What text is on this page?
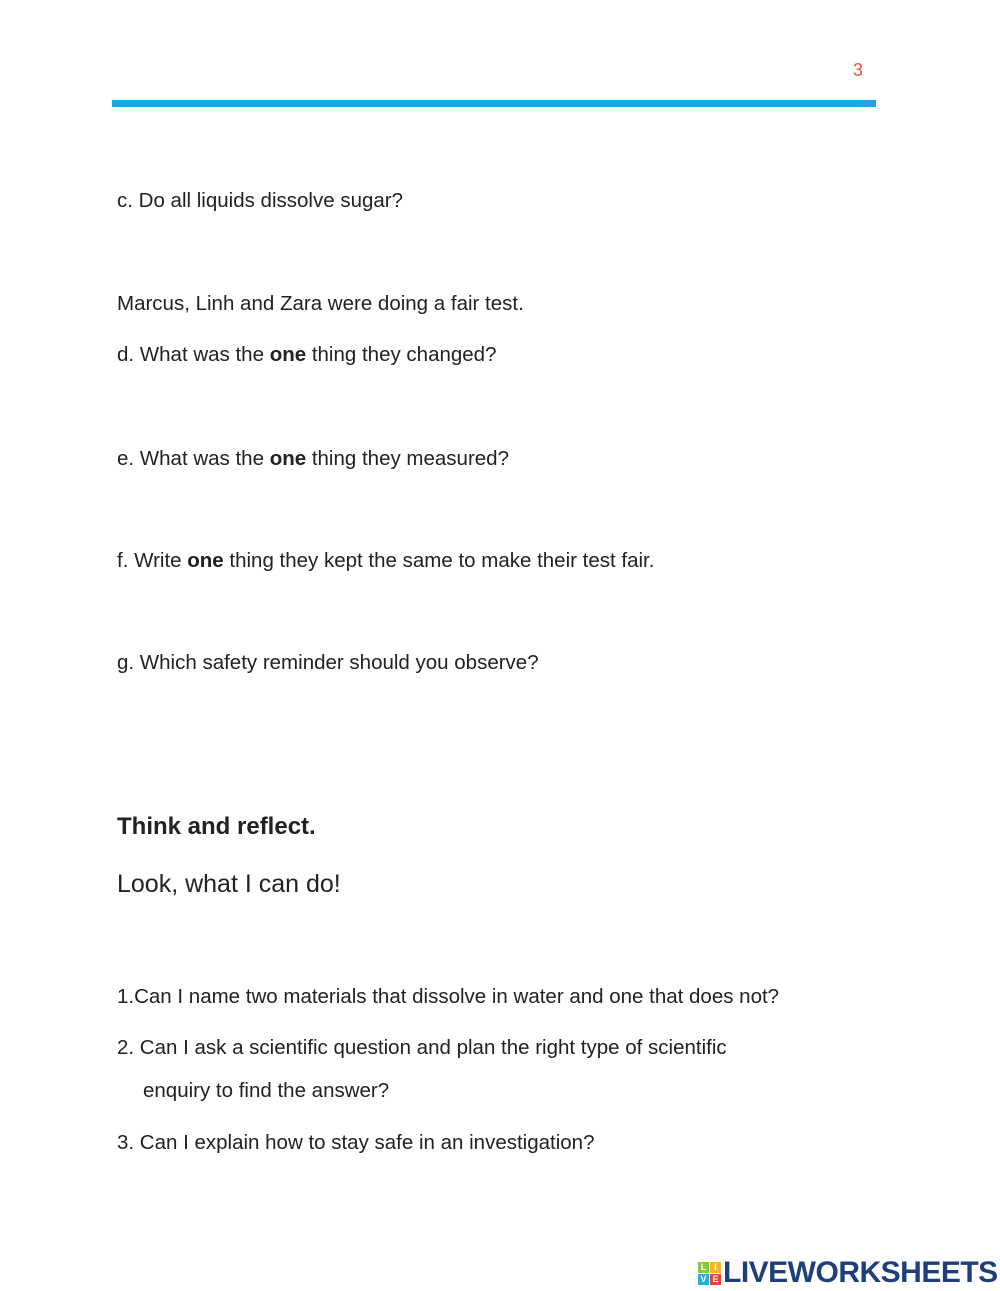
3
c. Do all liquids dissolve sugar?
Marcus, Linh and Zara were doing a fair test.
d. What was the one thing they changed?
e. What was the one thing they measured?
f. Write one thing they kept the same to make their test fair.
g. Which safety reminder should you observe?
Think and reflect.
Look, what I can do!
1.Can I name two materials that dissolve in water and one that does not?
2. Can I ask a scientific question and plan the right type of scientific
enquiry to find the answer?
3. Can I explain how to stay safe in an investigation?
L I
V E LIVEWORKSHEETS
